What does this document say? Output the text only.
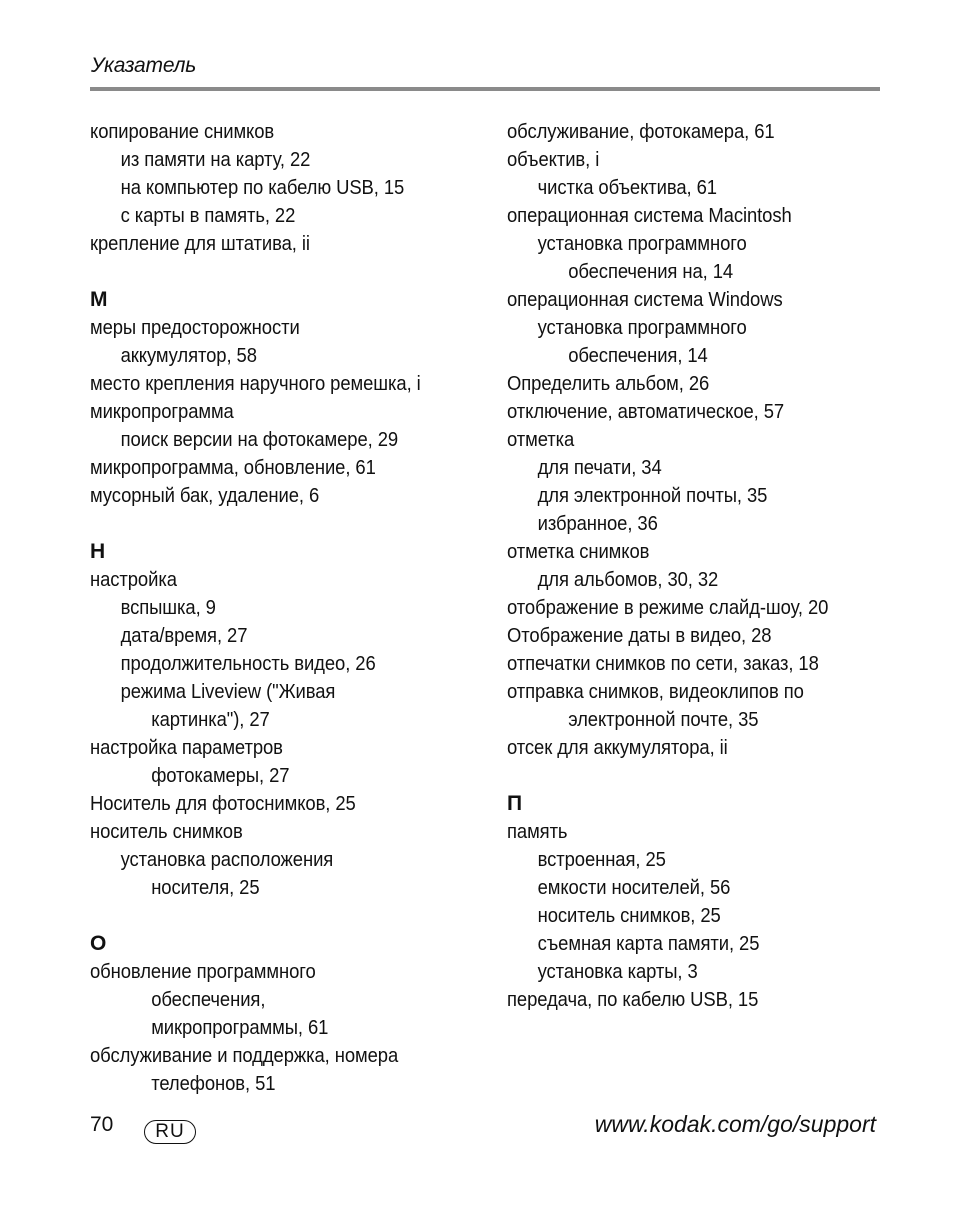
Указатель
копирование снимков
из памяти на карту, 22
на компьютер по кабелю USB, 15
с карты в память, 22
крепление для штатива, ii
М
меры предосторожности
аккумулятор, 58
место крепления наручного ремешка, i
микропрограмма
поиск версии на фотокамере, 29
микропрограмма, обновление, 61
мусорный бак, удаление, 6
Н
настройка
вспышка, 9
дата/время, 27
продолжительность видео, 26
режима Liveview ("Живая
картинка"), 27
настройка параметров
фотокамеры, 27
Носитель для фотоснимков, 25
носитель снимков
установка расположения
носителя, 25
О
обновление программного
обеспечения,
микропрограммы, 61
обслуживание и поддержка, номера
телефонов, 51
обслуживание, фотокамера, 61
объектив, i
чистка объектива, 61
операционная система Macintosh
установка программного
обеспечения на, 14
операционная система Windows
установка программного
обеспечения, 14
Определить альбом, 26
отключение, автоматическое, 57
отметка
для печати, 34
для электронной почты, 35
избранное, 36
отметка снимков
для альбомов, 30, 32
отображение в режиме слайд-шоу, 20
Отображение даты в видео, 28
отпечатки снимков по сети, заказ, 18
отправка снимков, видеоклипов по
электронной почте, 35
отсек для аккумулятора, ii
П
память
встроенная, 25
емкости носителей, 56
носитель снимков, 25
съемная карта памяти, 25
установка карты, 3
передача, по кабелю USB, 15
70	RU	www.kodak.com/go/support
